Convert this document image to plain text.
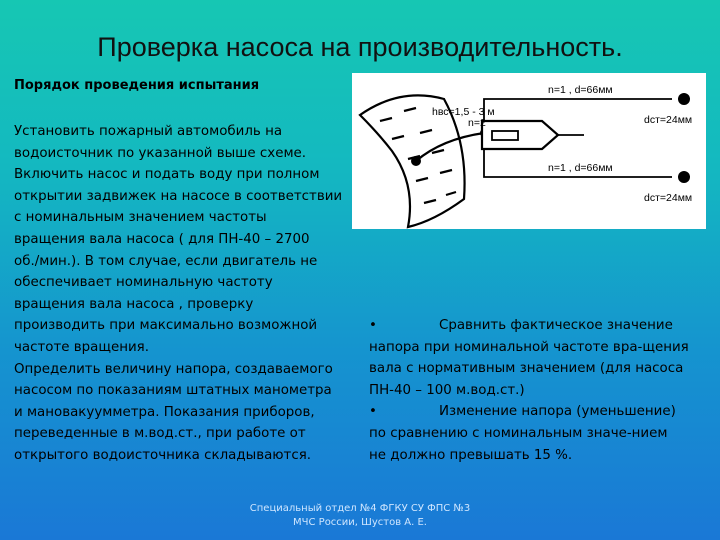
Проверка насоса на производительность.
Порядок проведения испытания
Установить пожарный автомобиль на
водоисточник по указанной выше схеме.
Включить насос и подать воду при полном
открытии задвижек на насосе в соответствии
с номинальным значением частоты
вращения вала насоса ( для ПН-40 – 2700
об./мин.). В том случае, если двигатель не
обеспечивает номинальную частоту
вращения вала насоса , проверку
производить при максимально возможной
частоте вращения.
Определить величину напора, создаваемого
насосом по показаниям штатных манометра
и мановакуумметра. Показания приборов,
переведенные в м.вод.ст., при работе от
открытого водоисточника складываются.
hвс=1,5 - 3 м
n=2
n=1 , d=66мм
dст=24мм
n=1 , d=66мм
dст=24мм
•	Сравнить фактическое значение
напора при номинальной частоте вра-щения
вала с нормативным значением (для насоса
ПН-40 – 100 м.вод.ст.)
•	Изменение напора (уменьшение)
по сравнению с номинальным значе-нием
не должно превышать 15 %.
Специальный отдел №4 ФГКУ СУ ФПС №3
МЧС России, Шустов А. Е.
